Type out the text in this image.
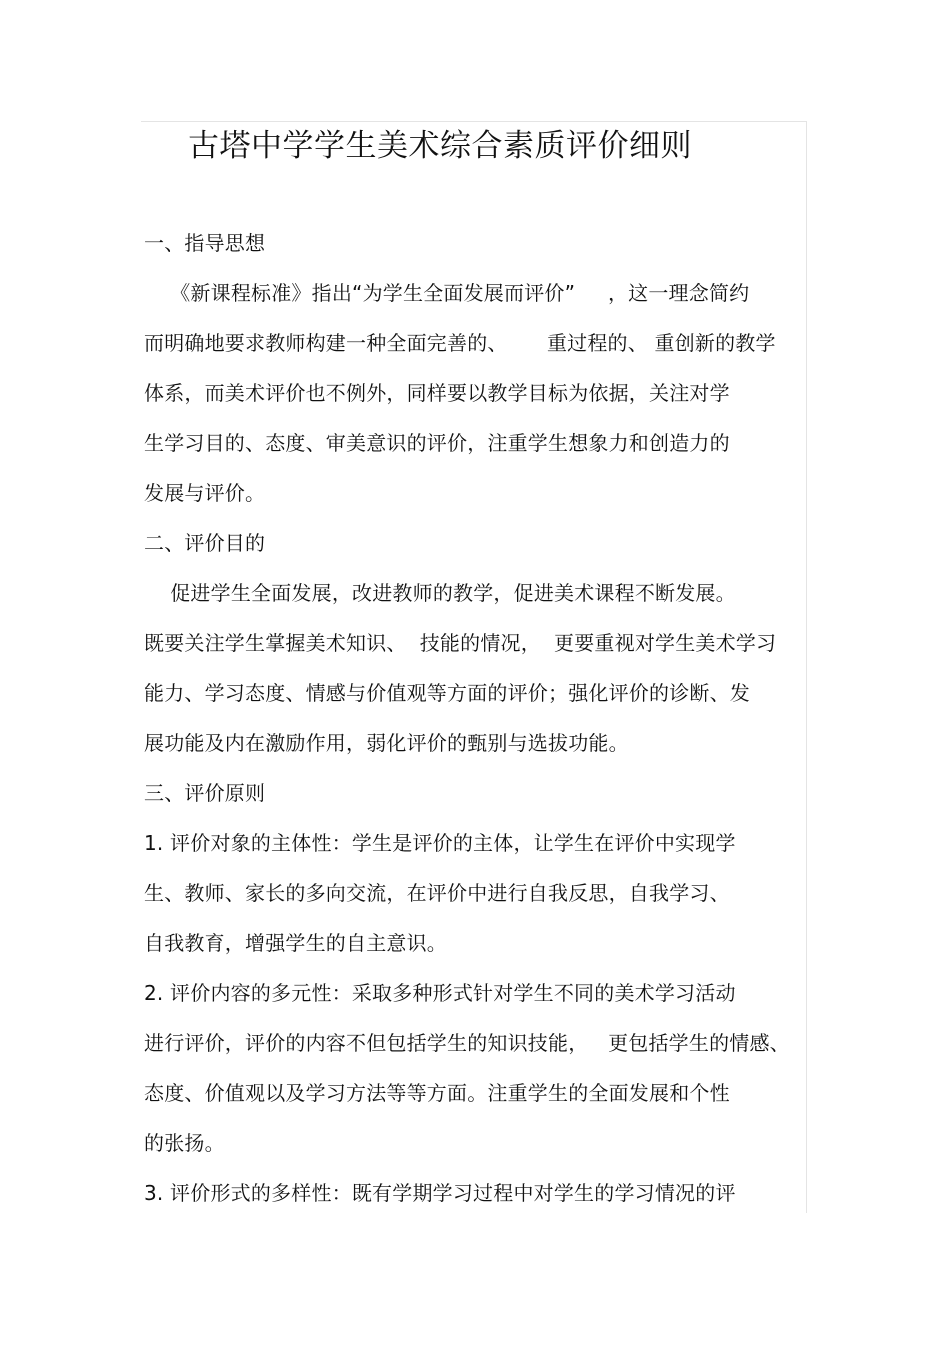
古塔中学学生美术综合素质评价细则
一、指导思想
《新课程标准》指出“为学生全面发展而评价”     ，这一理念简约
而明确地要求教师构建一种全面完善的、      重过程的、 重创新的教学
体系，而美术评价也不例外，同样要以教学目标为依据，关注对学
生学习目的、态度、审美意识的评价，注重学生想象力和创造力的
发展与评价。
二、评价目的
促进学生全面发展，改进教师的教学，促进美术课程不断发展。
既要关注学生掌握美术知识、  技能的情况，  更要重视对学生美术学习
能力、学习态度、情感与价值观等方面的评价；强化评价的诊断、发
展功能及内在激励作用，弱化评价的甄别与选拔功能。
三、评价原则
1. 评价对象的主体性：学生是评价的主体，让学生在评价中实现学
生、教师、家长的多向交流，在评价中进行自我反思，自我学习、
自我教育，增强学生的自主意识。
2. 评价内容的多元性：采取多种形式针对学生不同的美术学习活动
进行评价，评价的内容不但包括学生的知识技能，   更包括学生的情感、
态度、价值观以及学习方法等等方面。注重学生的全面发展和个性
的张扬。
3. 评价形式的多样性：既有学期学习过程中对学生的学习情况的评
